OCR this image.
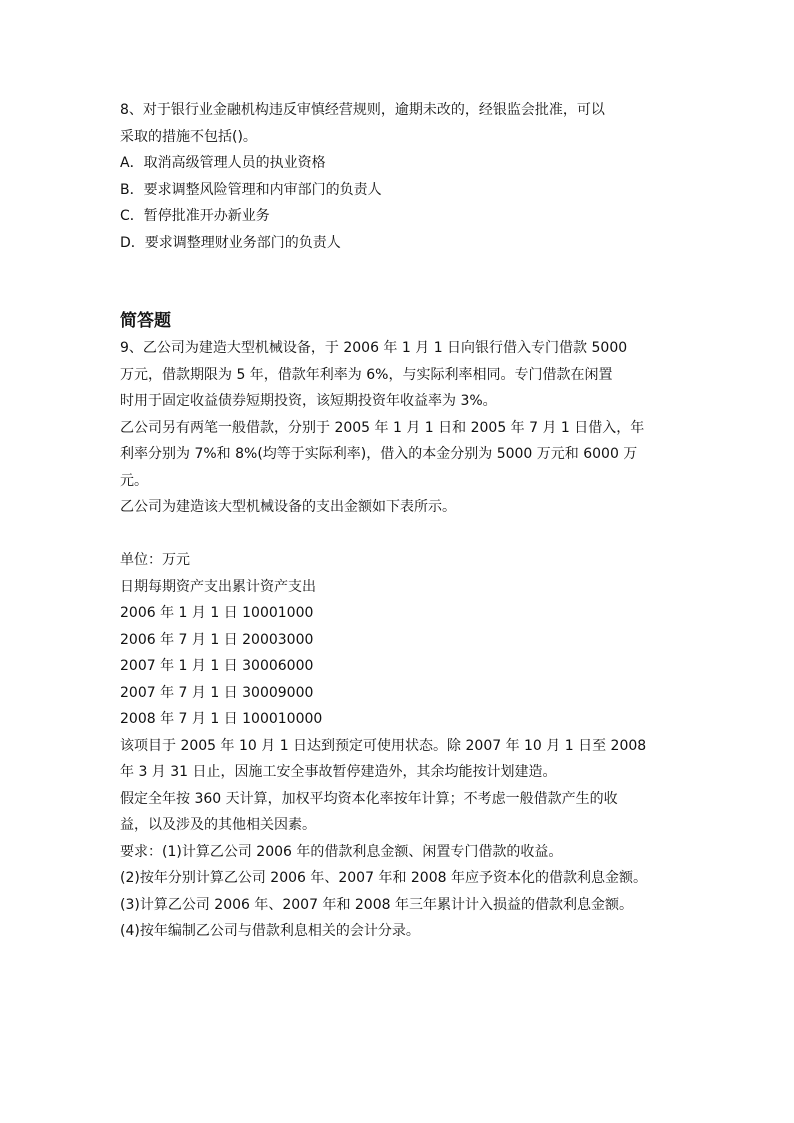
8、对于银行业金融机构违反审慎经营规则，逾期未改的，经银监会批准，可以
采取的措施不包括()。
A．取消高级管理人员的执业资格
B．要求调整风险管理和内审部门的负责人
C．暂停批准开办新业务
D．要求调整理财业务部门的负责人
简答题
9、乙公司为建造大型机械设备，于 2006 年 1 月 1 日向银行借入专门借款 5000
万元，借款期限为 5 年，借款年利率为 6%，与实际利率相同。专门借款在闲置
时用于固定收益债券短期投资，该短期投资年收益率为 3%。
乙公司另有两笔一般借款，分别于 2005 年 1 月 1 日和 2005 年 7 月 1 日借入，年
利率分别为 7%和 8%(均等于实际利率)，借入的本金分别为 5000 万元和 6000 万
元。
乙公司为建造该大型机械设备的支出金额如下表所示。
单位：万元
日期每期资产支出累计资产支出
2006 年 1 月 1 日 10001000
2006 年 7 月 1 日 20003000
2007 年 1 月 1 日 30006000
2007 年 7 月 1 日 30009000
2008 年 7 月 1 日 100010000
该项目于 2005 年 10 月 1 日达到预定可使用状态。除 2007 年 10 月 1 日至 2008
年 3 月 31 日止，因施工安全事故暂停建造外，其余均能按计划建造。
假定全年按 360 天计算，加权平均资本化率按年计算；不考虑一般借款产生的收
益，以及涉及的其他相关因素。
要求：(1)计算乙公司 2006 年的借款利息金额、闲置专门借款的收益。
(2)按年分别计算乙公司 2006 年、2007 年和 2008 年应予资本化的借款利息金额。
(3)计算乙公司 2006 年、2007 年和 2008 年三年累计计入损益的借款利息金额。
(4)按年编制乙公司与借款利息相关的会计分录。
